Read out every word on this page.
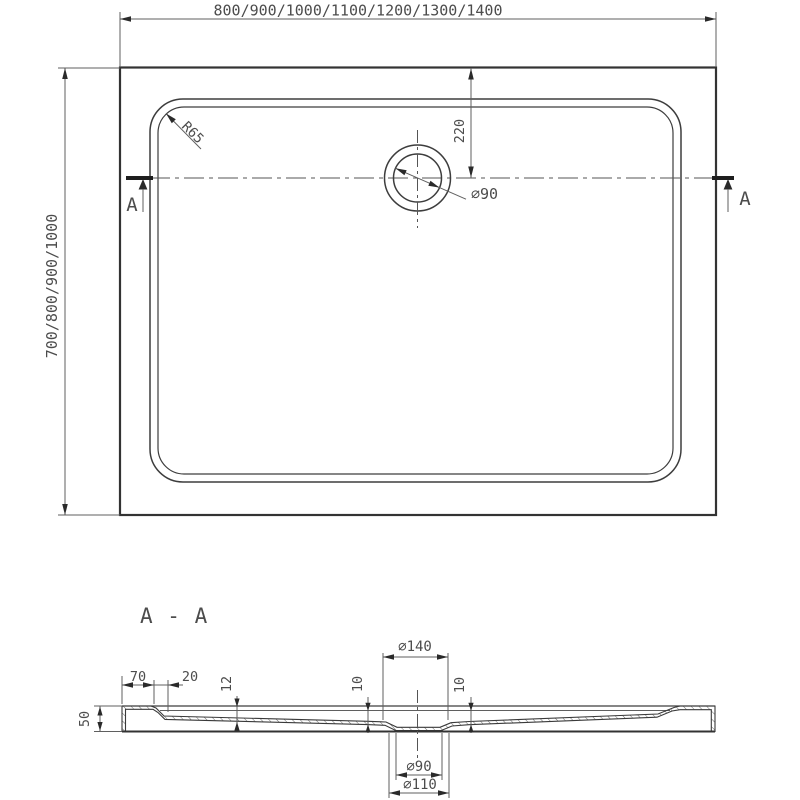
A	A
⌀90
220
R65
800/900/1000/1100/1200/1300/1400
700/800/900/1000
A - A
50
70	20 12	10	10
⌀140
⌀90
⌀110
